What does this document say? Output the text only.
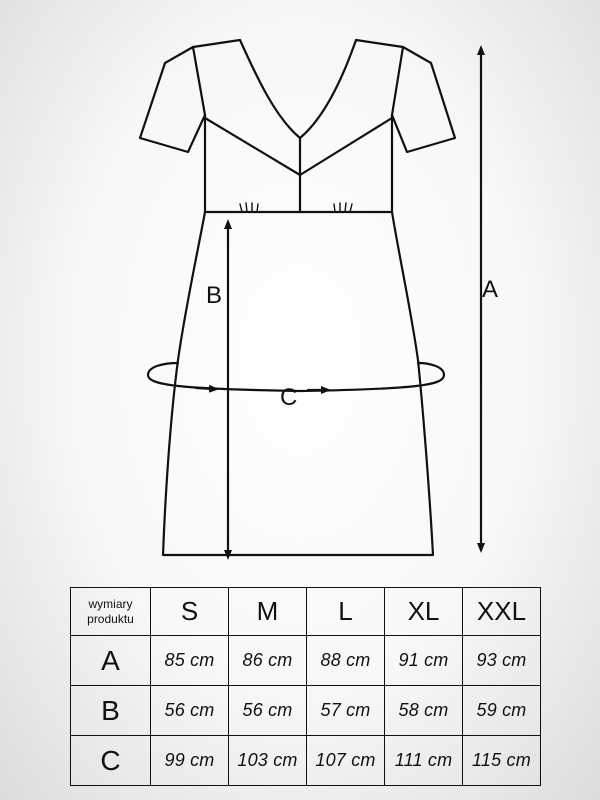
A
B
C
wymiary
produktu	S	M	L	XL	XXL
A	85 cm	86 cm	88 cm	91 cm	93 cm
B	56 cm	56 cm	57 cm	58 cm	59 cm
C	99 cm	103 cm	107 cm	111 cm	115 cm
